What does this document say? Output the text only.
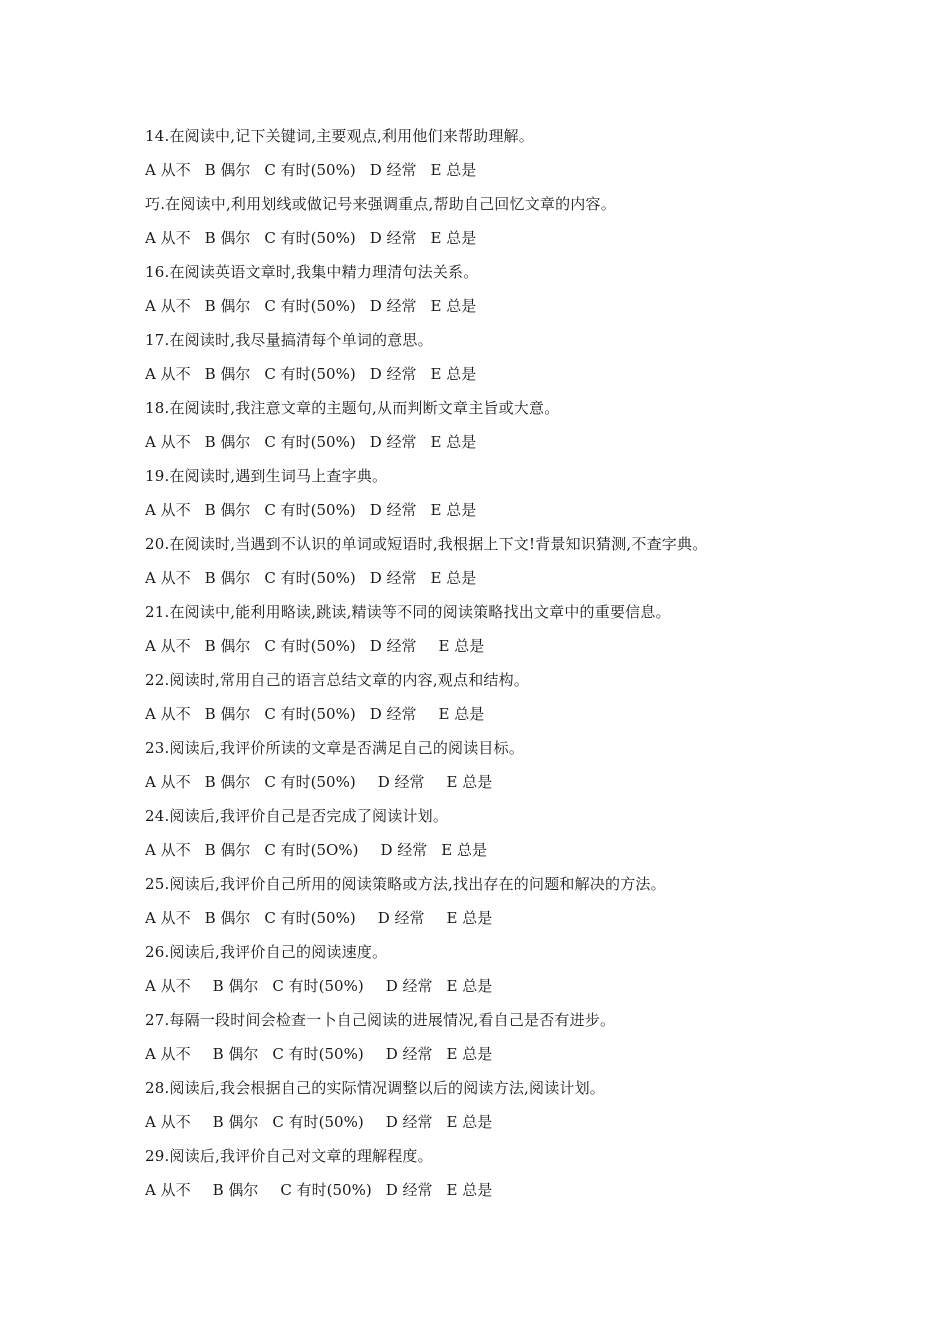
14.在阅读中,记下关键词,主要观点,利用他们来帮助理解。
A 从不 B 偶尔 C 有时(50%) D 经常 E 总是
巧.在阅读中,利用划线或做记号来强调重点,帮助自己回忆文章的内容。
A 从不 B 偶尔 C 有时(50%) D 经常 E 总是
16.在阅读英语文章时,我集中精力理清句法关系。
A 从不 B 偶尔 C 有时(50%) D 经常 E 总是
17.在阅读时,我尽量搞清每个单词的意思。
A 从不 B 偶尔 C 有时(50%) D 经常 E 总是
18.在阅读时,我注意文章的主题句,从而判断文章主旨或大意。
A 从不 B 偶尔 C 有时(50%) D 经常 E 总是
19.在阅读时,遇到生词马上查字典。
A 从不 B 偶尔 C 有时(50%) D 经常 E 总是
20.在阅读时,当遇到不认识的单词或短语时,我根据上下文!背景知识猜测,不查字典。
A 从不 B 偶尔 C 有时(50%) D 经常 E 总是
21.在阅读中,能利用略读,跳读,精读等不同的阅读策略找出文章中的重要信息。
A 从不 B 偶尔 C 有时(50%) D 经常 E 总是
22.阅读时,常用自己的语言总结文章的内容,观点和结构。
A 从不 B 偶尔 C 有时(50%) D 经常 E 总是
23.阅读后,我评价所读的文章是否满足自己的阅读目标。
A 从不 B 偶尔 C 有时(50%) D 经常 E 总是
24.阅读后,我评价自己是否完成了阅读计划。
A 从不 B 偶尔 C 有时(5O%) D 经常 E 总是
25.阅读后,我评价自己所用的阅读策略或方法,找出存在的问题和解决的方法。
A 从不 B 偶尔 C 有时(50%) D 经常 E 总是
26.阅读后,我评价自己的阅读速度。
A 从不 B 偶尔 C 有时(50%) D 经常 E 总是
27.每隔一段时间会检查一卜自己阅读的进展情况,看自己是否有进步。
A 从不 B 偶尔 C 有时(50%) D 经常 E 总是
28.阅读后,我会根据自己的实际情况调整以后的阅读方法,阅读计划。
A 从不 B 偶尔 C 有时(50%) D 经常 E 总是
29.阅读后,我评价自己对文章的理解程度。
A 从不 B 偶尔 C 有时(50%) D 经常 E 总是
